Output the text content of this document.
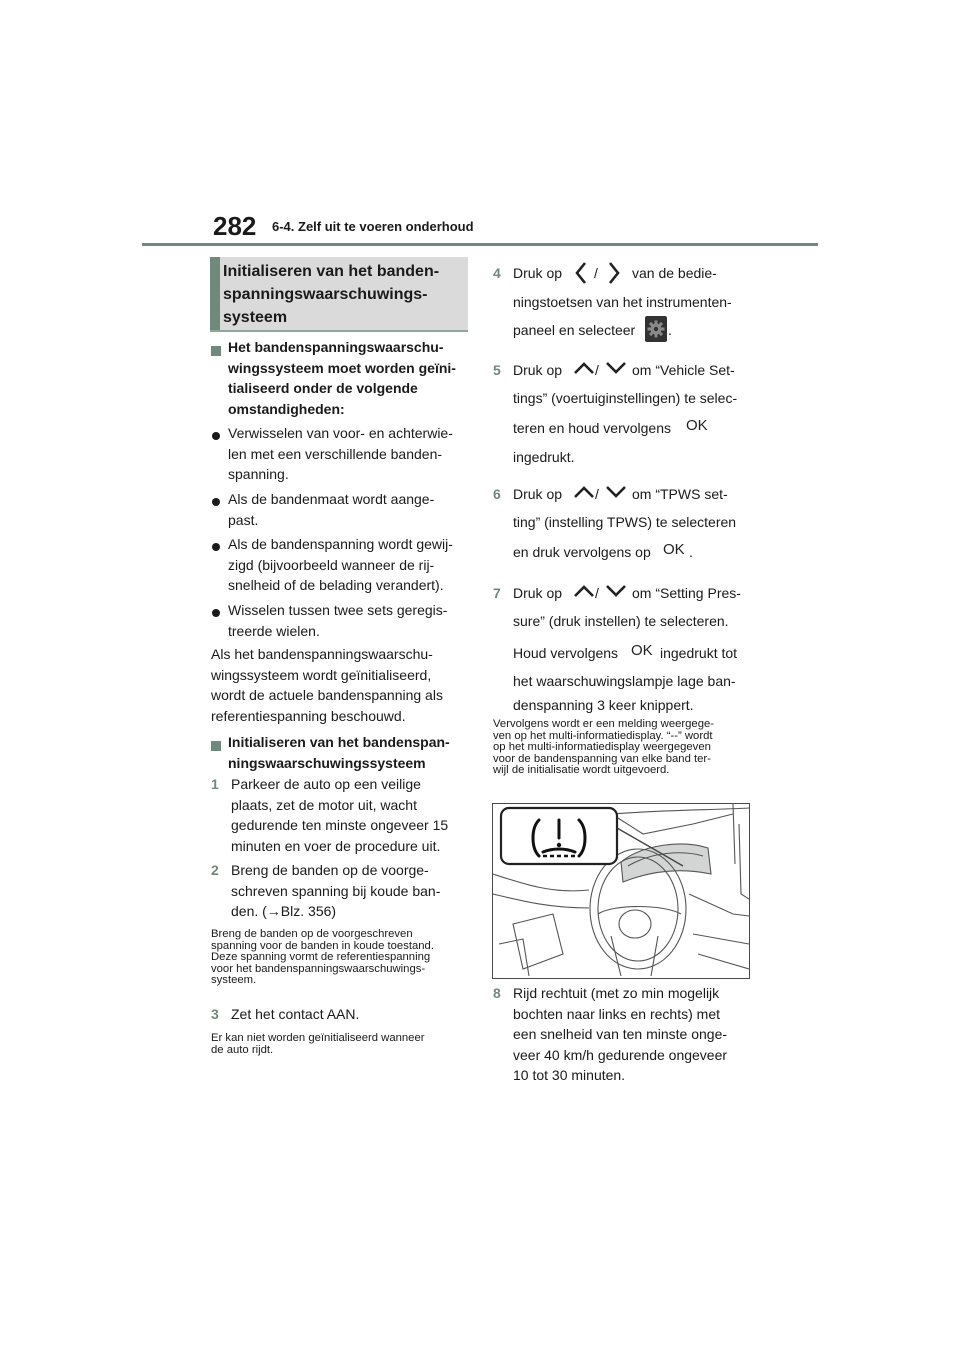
282 6-4. Zelf uit te voeren onderhoud
Initialiseren van het banden-
spanningswaarschuwings-
systeem
Het bandenspanningswaarschu-
wingssysteem moet worden geïni-
tialiseerd onder de volgende
omstandigheden:
Verwisselen van voor- en achterwie-
len met een verschillende banden-
spanning.
Als de bandenmaat wordt aange-
past.
Als de bandenspanning wordt gewij-
zigd (bijvoorbeeld wanneer de rij-
snelheid of de belading verandert).
Wisselen tussen twee sets geregis-
treerde wielen.
Als het bandenspanningswaarschu-
wingssysteem wordt geïnitialiseerd,
wordt de actuele bandenspanning als
referentiespanning beschouwd.
Initialiseren van het bandenspan-
ningswaarschuwingssysteem
1 Parkeer de auto op een veilige
plaats, zet de motor uit, wacht
gedurende ten minste ongeveer 15
minuten en voer de procedure uit.
2 Breng de banden op de voorge-
schreven spanning bij koude ban-
den. (→Blz. 356)
Breng de banden op de voorgeschreven
spanning voor de banden in koude toestand.
Deze spanning vormt de referentiespanning
voor het bandenspanningswaarschuwings-
systeem.
3 Zet het contact AAN.
Er kan niet worden geïnitialiseerd wanneer
de auto rijdt.
4 Druk op / van de bedie-
ningstoetsen van het instrumenten-
paneel en selecteer .
5 Druk op / om “Vehicle Set-
tings” (voertuiginstellingen) te selec-
teren en houd vervolgens OK
ingedrukt.
6 Druk op / om “TPWS set-
ting” (instelling TPWS) te selecteren
en druk vervolgens op OK .
7 Druk op / om “Setting Pres-
sure” (druk instellen) te selecteren.
Houd vervolgens OK ingedrukt tot
het waarschuwingslampje lage ban-
denspanning 3 keer knippert.
Vervolgens wordt er een melding weergege-
ven op het multi-informatiedisplay. “--” wordt
op het multi-informatiedisplay weergegeven
voor de bandenspanning van elke band ter-
wijl de initialisatie wordt uitgevoerd.
8 Rijd rechtuit (met zo min mogelijk
bochten naar links en rechts) met
een snelheid van ten minste onge-
veer 40 km/h gedurende ongeveer
10 tot 30 minuten.
